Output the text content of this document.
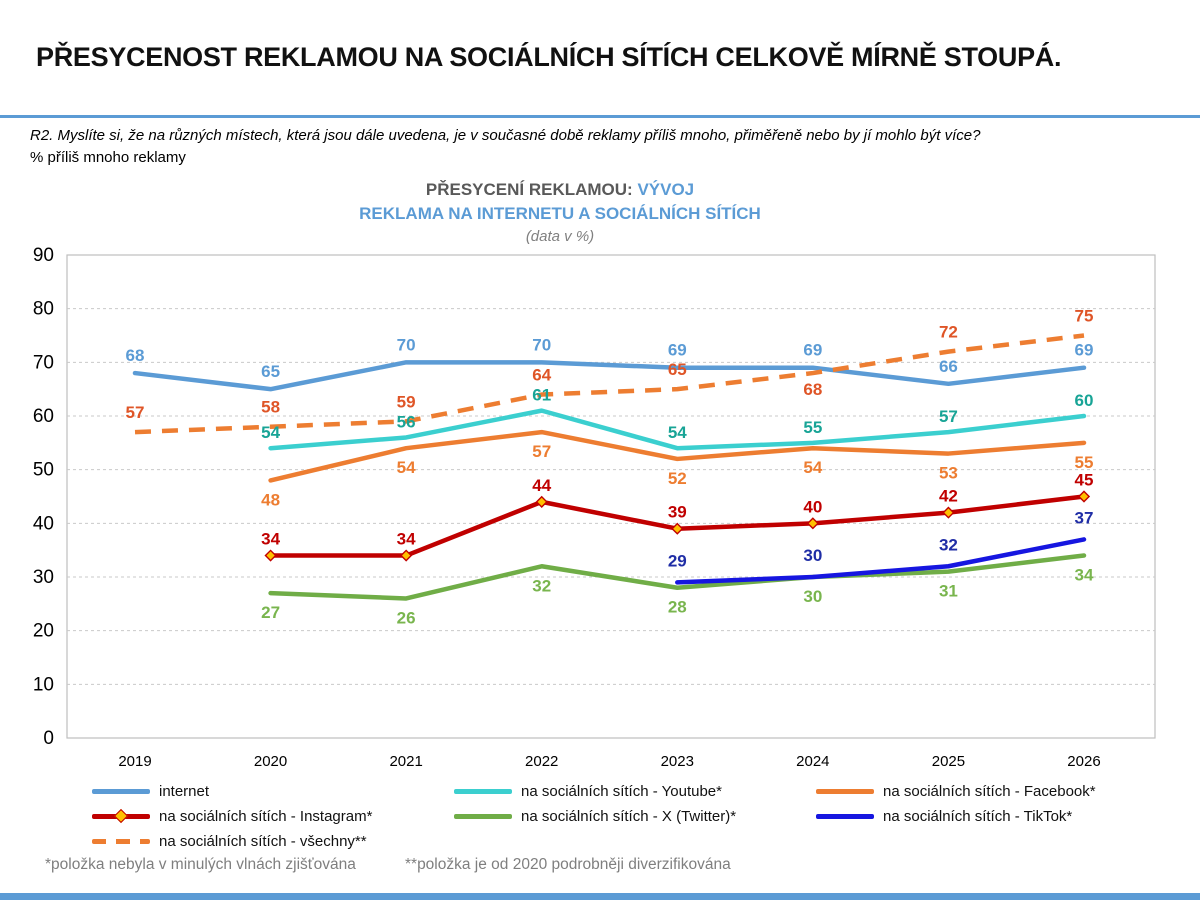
PŘESYCENOST REKLAMOU NA SOCIÁLNÍCH SÍTÍCH CELKOVĚ MÍRNĚ STOUPÁ.
R2. Myslíte si, že na různých místech, která jsou dále uvedena, je v současné době reklamy příliš mnoho, přiměřeně nebo by jí mohlo být více?
% příliš mnoho reklamy
PŘESYCENÍ REKLAMOU: VÝVOJ
REKLAMA NA INTERNETU A SOCIÁLNÍCH SÍTÍCH
(data v %)
0
10
20
30
40
50
60
70
80
90
2019	2020	2021	2022	2023	2024	2025	2026
68
65
70	70	69	69
66
69
54
56
61
54	55
57
60
48
54
57
52
54	53
55
34	34
44
39	40
42
45
27	26
32
28
30	31
34
29	30
32
37
57	58	59
64	65
68
72
75
internet	na sociálních sítích - Youtube*	na sociálních sítích - Facebook*
na sociálních sítích - Instagram*	na sociálních sítích - X (Twitter)*	na sociálních sítích - TikTok*
na sociálních sítích - všechny**
*položka nebyla v minulých vlnách zjišťována	**položka je od 2020 podrobněji diverzifikována
